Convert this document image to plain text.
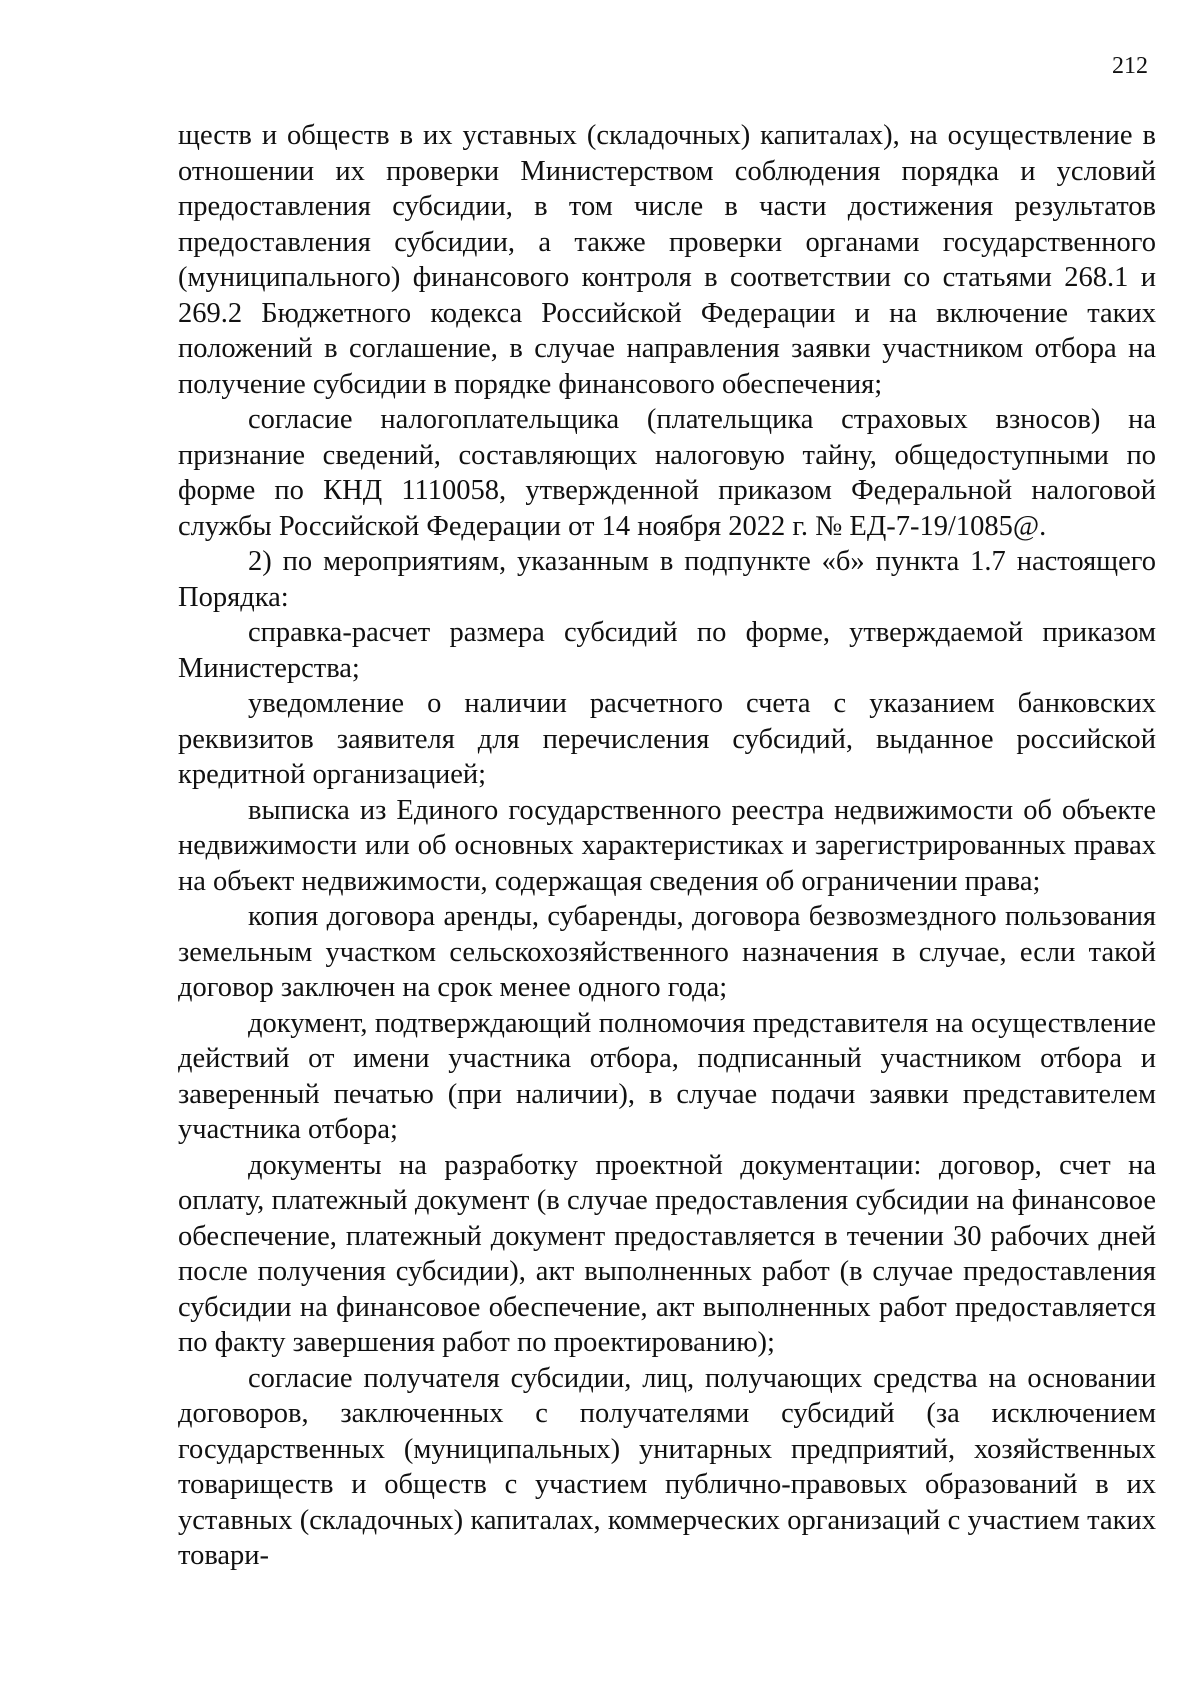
212

ществ и обществ в их уставных (складочных) капиталах), на осуществление в отношении их проверки Министерством соблюдения порядка и условий предоставления субсидии, в том числе в части достижения результатов предоставления субсидии, а также проверки органами государственного (муниципального) финансового контроля в соответствии со статьями 268.1 и 269.2 Бюджетного кодекса Российской Федерации и на включение таких положений в соглашение, в случае направления заявки участником отбора на получение субсидии в порядке финансового обеспечения;

согласие налогоплательщика (плательщика страховых взносов) на признание сведений, составляющих налоговую тайну, общедоступными по форме по КНД 1110058, утвержденной приказом Федеральной налоговой службы Российской Федерации от 14 ноября 2022 г. № ЕД-7-19/1085@.

2) по мероприятиям, указанным в подпункте «б» пункта 1.7 настоящего Порядка:

справка-расчет размера субсидий по форме, утверждаемой приказом Министерства;

уведомление о наличии расчетного счета с указанием банковских реквизитов заявителя для перечисления субсидий, выданное российской кредитной организацией;

выписка из Единого государственного реестра недвижимости об объекте недвижимости или об основных характеристиках и зарегистрированных правах на объект недвижимости, содержащая сведения об ограничении права;

копия договора аренды, субаренды, договора безвозмездного пользования земельным участком сельскохозяйственного назначения в случае, если такой договор заключен на срок менее одного года;

документ, подтверждающий полномочия представителя на осуществление действий от имени участника отбора, подписанный участником отбора и заверенный печатью (при наличии), в случае подачи заявки представителем участника отбора;

документы на разработку проектной документации: договор, счет на оплату, платежный документ (в случае предоставления субсидии на финансовое обеспечение, платежный документ предоставляется в течении 30 рабочих дней после получения субсидии), акт выполненных работ (в случае предоставления субсидии на финансовое обеспечение, акт выполненных работ предоставляется по факту завершения работ по проектированию);

согласие получателя субсидии, лиц, получающих средства на основании договоров, заключенных с получателями субсидий (за исключением государственных (муниципальных) унитарных предприятий, хозяйственных товариществ и обществ с участием публично-правовых образований в их уставных (складочных) капиталах, коммерческих организаций с участием таких товари-
